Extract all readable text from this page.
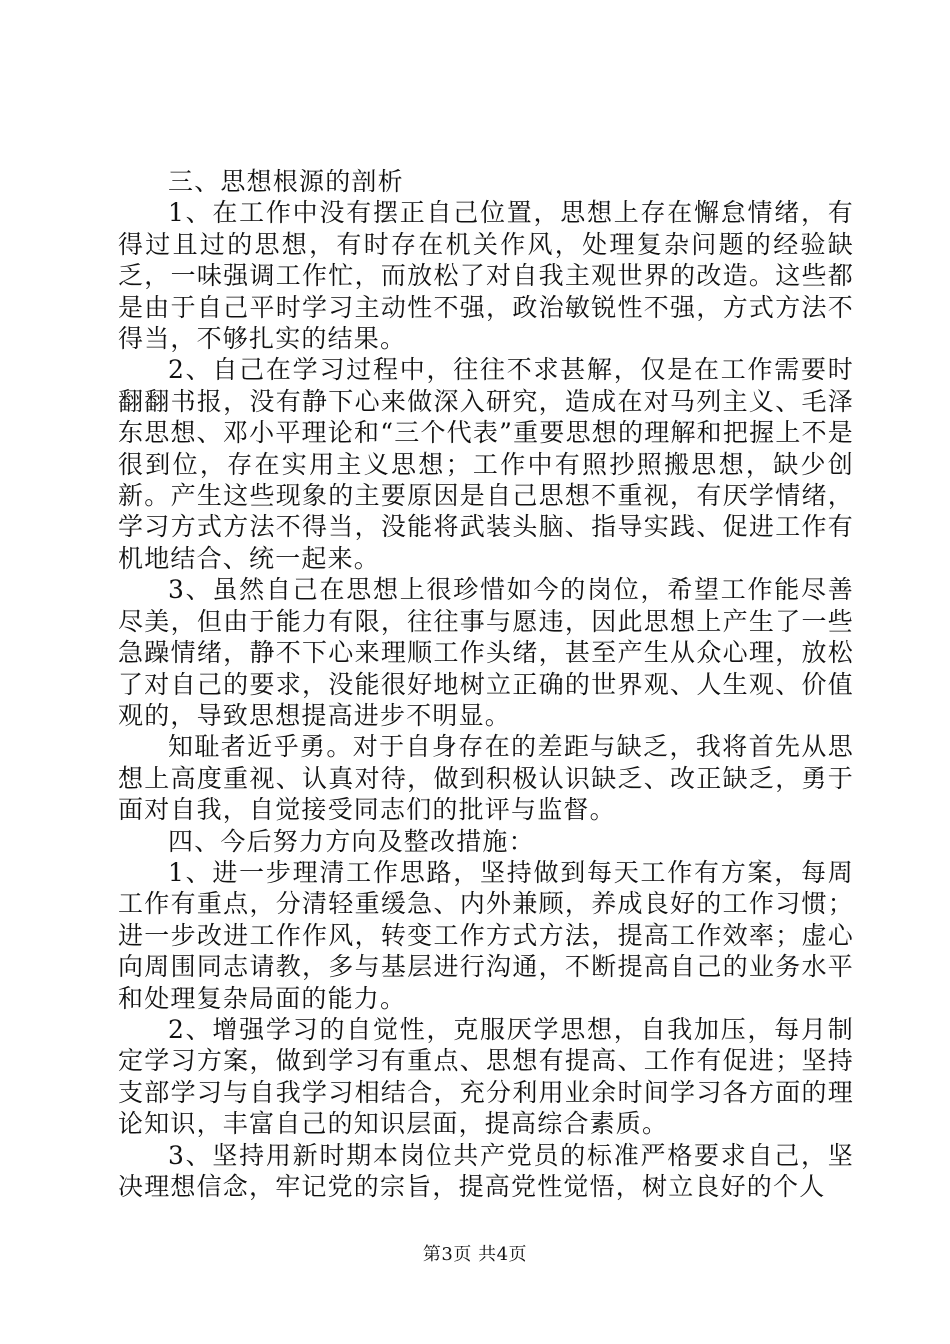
三、思想根源的剖析

1、在工作中没有摆正自己位置，思想上存在懈怠情绪，有得过且过的思想，有时存在机关作风，处理复杂问题的经验缺乏，一味强调工作忙，而放松了对自我主观世界的改造。这些都是由于自己平时学习主动性不强，政治敏锐性不强，方式方法不得当，不够扎实的结果。

2、自己在学习过程中，往往不求甚解，仅是在工作需要时翻翻书报，没有静下心来做深入研究，造成在对马列主义、毛泽东思想、邓小平理论和“三个代表”重要思想的理解和把握上不是很到位，存在实用主义思想；工作中有照抄照搬思想，缺少创新。产生这些现象的主要原因是自己思想不重视，有厌学情绪，学习方式方法不得当，没能将武装头脑、指导实践、促进工作有机地结合、统一起来。

3、虽然自己在思想上很珍惜如今的岗位，希望工作能尽善尽美，但由于能力有限，往往事与愿违，因此思想上产生了一些急躁情绪，静不下心来理顺工作头绪，甚至产生从众心理，放松了对自己的要求，没能很好地树立正确的世界观、人生观、价值观的，导致思想提高进步不明显。

知耻者近乎勇。对于自身存在的差距与缺乏，我将首先从思想上高度重视、认真对待，做到积极认识缺乏、改正缺乏，勇于面对自我，自觉接受同志们的批评与监督。

四、今后努力方向及整改措施：

1、进一步理清工作思路，坚持做到每天工作有方案，每周工作有重点，分清轻重缓急、内外兼顾，养成良好的工作习惯；进一步改进工作作风，转变工作方式方法，提高工作效率；虚心向周围同志请教，多与基层进行沟通，不断提高自己的业务水平和处理复杂局面的能力。

2、增强学习的自觉性，克服厌学思想，自我加压，每月制定学习方案，做到学习有重点、思想有提高、工作有促进；坚持支部学习与自我学习相结合，充分利用业余时间学习各方面的理论知识，丰富自己的知识层面，提高综合素质。

3、坚持用新时期本岗位共产党员的标准严格要求自己，坚决理想信念，牢记党的宗旨，提高党性觉悟，树立良好的个人

第3页 共4页
